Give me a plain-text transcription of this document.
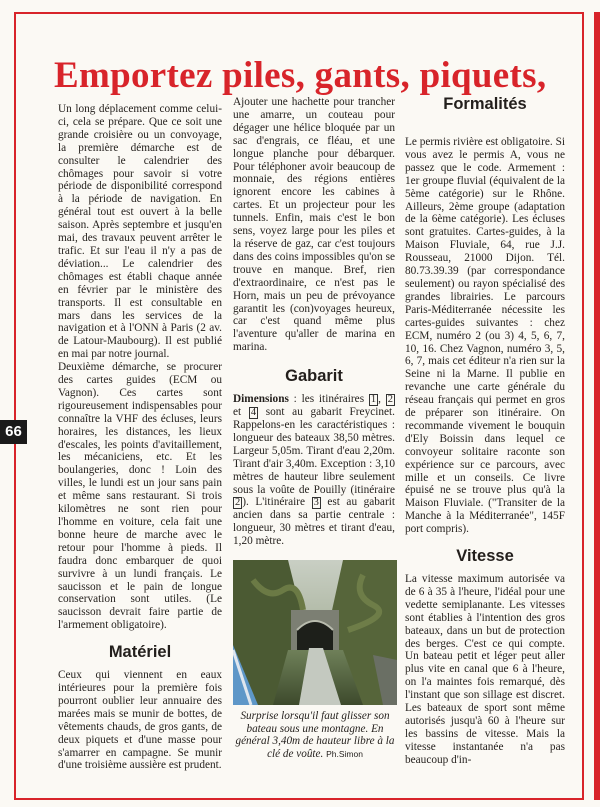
66
Emportez piles, gants, piquets,

Un long déplacement comme celui-ci, cela se prépare. Que ce soit une grande croisière ou un convoyage, la première démarche est de consulter le calendrier des chômages pour savoir si votre période de disponibilité correspond à la période de navigation. En général tout est ouvert à la belle saison. Après septembre et jusqu'en mai, des travaux peuvent arrêter le trafic. Et sur l'eau il n'y a pas de déviation... Le calendrier des chômages est établi chaque année en février par le ministère des transports. Il est consultable en mars dans les services de la navigation et à l'ONN à Paris (2 av. de Latour-Maubourg). Il est publié en mai par notre journal.

Deuxième démarche, se procurer des cartes guides (ECM ou Vagnon). Ces cartes sont rigoureusement indispensables pour connaître la VHF des écluses, leurs horaires, les distances, les lieux d'escales, les points d'avitaillement, les mécaniciens, etc. Et les boulangeries, donc ! Loin des villes, le lundi est un jour sans pain et même sans restaurant. Si trois kilomètres ne sont rien pour l'homme en voiture, cela fait une bonne heure de marche avec le retour pour l'homme à pieds. Il faudra donc embarquer de quoi survivre à un lundi français. Le saucisson et le pain de longue conservation sont utiles. (Le saucisson devrait faire partie de l'armement obligatoire).

Matériel

Ceux qui viennent en eaux intérieures pour la première fois pourront oublier leur annuaire des marées mais se munir de bottes, de vêtements chauds, de gros gants, de deux piquets et d'une masse pour s'amarrer en campagne. Se munir d'une troisième aussière est prudent.

Ajouter une hachette pour trancher une amarre, un couteau pour dégager une hélice bloquée par un sac d'engrais, ce fléau, et une longue planche pour débarquer. Pour téléphoner avoir beaucoup de monnaie, des régions entières ignorent encore les cabines à cartes. Et un projecteur pour les tunnels. Enfin, mais c'est le bon sens, voyez large pour les piles et la réserve de gaz, car c'est toujours dans des coins impossibles qu'on se trouve en manque. Bref, rien d'extraordinaire, ce n'est pas le Horn, mais un peu de prévoyance garantit les (con)voyages heureux, car c'est quand même plus l'aventure qu'aller de marina en marina.

Gabarit

Dimensions : les itinéraires 1 , 2 et 4 sont au gabarit Freycinet. Rappelons-en les caractéristiques : longueur des bateaux 38,50 mètres. Largeur 5,05m. Tirant d'eau 2,20m. Tirant d'air 3,40m. Exception : 3,10 mètres de hauteur libre seulement sous la voûte de Pouilly (itinéraire 2 ). L'itinéraire 3 est au gabarit ancien dans sa partie centrale : longueur, 30 mètres et tirant d'eau, 1,20 mètre.

Surprise lorsqu'il faut glisser son bateau sous une montagne. En général 3,40m de hauteur libre à la clé de voûte. Ph.Simon

Formalités

Le permis rivière est obligatoire. Si vous avez le permis A, vous ne passez que le code. Armement : 1er groupe fluvial (équivalent de la 5ème catégorie) sur le Rhône. Ailleurs, 2ème groupe (adaptation de la 6ème catégorie). Les écluses sont gratuites. Cartes-guides, à la Maison Fluviale, 64, rue J.J. Rousseau, 21000 Dijon. Tél. 80.73.39.39 (par correspondance seulement) ou rayon spécialisé des grandes librairies. Le parcours Paris-Méditerranée nécessite les cartes-guides suivantes : chez ECM, numéro 2 (ou 3) 4, 5, 6, 7, 10, 16. Chez Vagnon, numéro 3, 5, 6, 7, mais cet éditeur n'a rien sur la Seine ni la Marne. Il publie en revanche une carte générale du réseau français qui permet en gros de préparer son itinéraire. On recommande vivement le bouquin d'Ely Boissin dans lequel ce convoyeur solitaire raconte son expérience sur ce parcours, avec mille et un conseils. Ce livre épuisé ne se trouve plus qu'à la Maison Fluviale. ("Transiter de la Manche à la Méditerranée", 145F port compris).

Vitesse

La vitesse maximum autorisée va de 6 à 35 à l'heure, l'idéal pour une vedette semiplanante. Les vitesses sont établies à l'intention des gros bateaux, dans un but de protection des berges. C'est ce qui compte. Un bateau petit et léger peut aller plus vite en canal que 6 à l'heure, on l'a maintes fois remarqué, dès l'instant que son sillage est discret. Les bateaux de sport sont même autorisés jusqu'à 60 à l'heure sur les bassins de vitesse. Mais la vitesse instantanée n'a pas beaucoup d'in-
